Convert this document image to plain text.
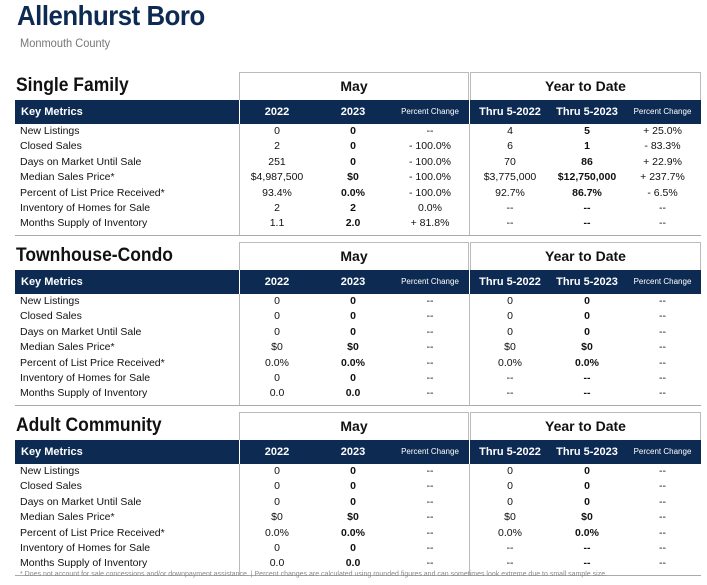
Allenhurst Boro
Monmouth County
Single Family	May	Year to Date
Key Metrics	2022	2023	Percent Change	Thru 5-2022	Thru 5-2023	Percent Change
New Listings	0	0	--	4	5	+ 25.0%
Closed Sales	2	0	- 100.0%	6	1	- 83.3%
Days on Market Until Sale	251	0	- 100.0%	70	86	+ 22.9%
Median Sales Price*	$4,987,500	$0	- 100.0%	$3,775,000	$12,750,000	+ 237.7%
Percent of List Price Received*	93.4%	0.0%	- 100.0%	92.7%	86.7%	- 6.5%
Inventory of Homes for Sale	2	2	0.0%	--	--	--
Months Supply of Inventory	1.1	2.0	+ 81.8%	--	--	--
Townhouse-Condo	May	Year to Date
Key Metrics	2022	2023	Percent Change	Thru 5-2022	Thru 5-2023	Percent Change
New Listings	0	0	--	0	0	--
Closed Sales	0	0	--	0	0	--
Days on Market Until Sale	0	0	--	0	0	--
Median Sales Price*	$0	$0	--	$0	$0	--
Percent of List Price Received*	0.0%	0.0%	--	0.0%	0.0%	--
Inventory of Homes for Sale	0	0	--	--	--	--
Months Supply of Inventory	0.0	0.0	--	--	--	--
Adult Community	May	Year to Date
Key Metrics	2022	2023	Percent Change	Thru 5-2022	Thru 5-2023	Percent Change
New Listings	0	0	--	0	0	--
Closed Sales	0	0	--	0	0	--
Days on Market Until Sale	0	0	--	0	0	--
Median Sales Price*	$0	$0	--	$0	$0	--
Percent of List Price Received*	0.0%	0.0%	--	0.0%	0.0%	--
Inventory of Homes for Sale	0	0	--	--	--	--
Months Supply of Inventory	0.0	0.0	--	--	--	--
* Does not account for sale concessions and/or downpayment assistance. | Percent changes are calculated using rounded figures and can sometimes look extreme due to small sample size.
